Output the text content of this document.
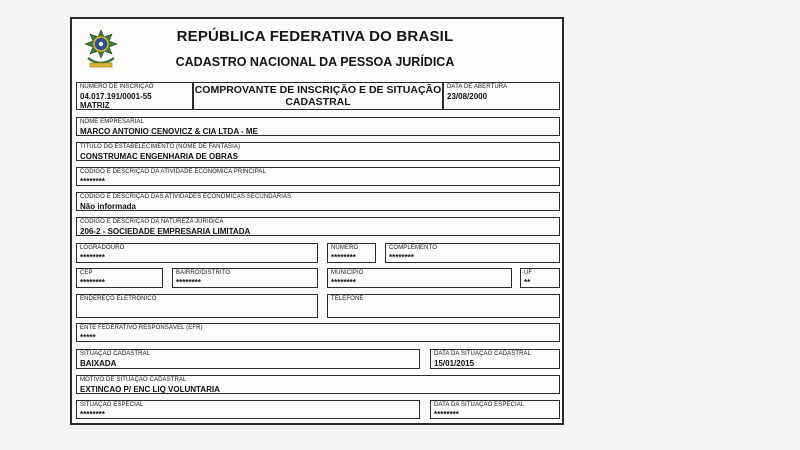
REPÚBLICA FEDERATIVA DO BRASIL
CADASTRO NACIONAL DA PESSOA JURÍDICA
NÚMERO DE INSCRIÇÃO
04.017.191/0001-55
MATRIZ
COMPROVANTE DE INSCRIÇÃO E DE SITUAÇÃO
CADASTRAL
DATA DE ABERTURA
23/08/2000
NOME EMPRESARIAL
MARCO ANTONIO CENOVICZ & CIA LTDA - ME
TÍTULO DO ESTABELECIMENTO (NOME DE FANTASIA)
CONSTRUMAC ENGENHARIA DE OBRAS
CÓDIGO E DESCRIÇÃO DA ATIVIDADE ECONÔMICA PRINCIPAL
********
CÓDIGO E DESCRIÇÃO DAS ATIVIDADES ECONÔMICAS SECUNDÁRIAS
Não informada
CÓDIGO E DESCRIÇÃO DA NATUREZA JURÍDICA
206-2 - SOCIEDADE EMPRESARIA LIMITADA
LOGRADOURO
********
NÚMERO
********
COMPLEMENTO
********
CEP
********
BAIRRO/DISTRITO
********
MUNICÍPIO
********
UF
**
ENDEREÇO ELETRÔNICO	TELEFONE
ENTE FEDERATIVO RESPONSÁVEL (EFR)
*****
SITUAÇÃO CADASTRAL
BAIXADA
DATA DA SITUAÇÃO CADASTRAL
15/01/2015
MOTIVO DE SITUAÇÃO CADASTRAL
EXTINCAO P/ ENC LIQ VOLUNTARIA
SITUAÇÃO ESPECIAL
********
DATA DA SITUAÇÃO ESPECIAL
********
